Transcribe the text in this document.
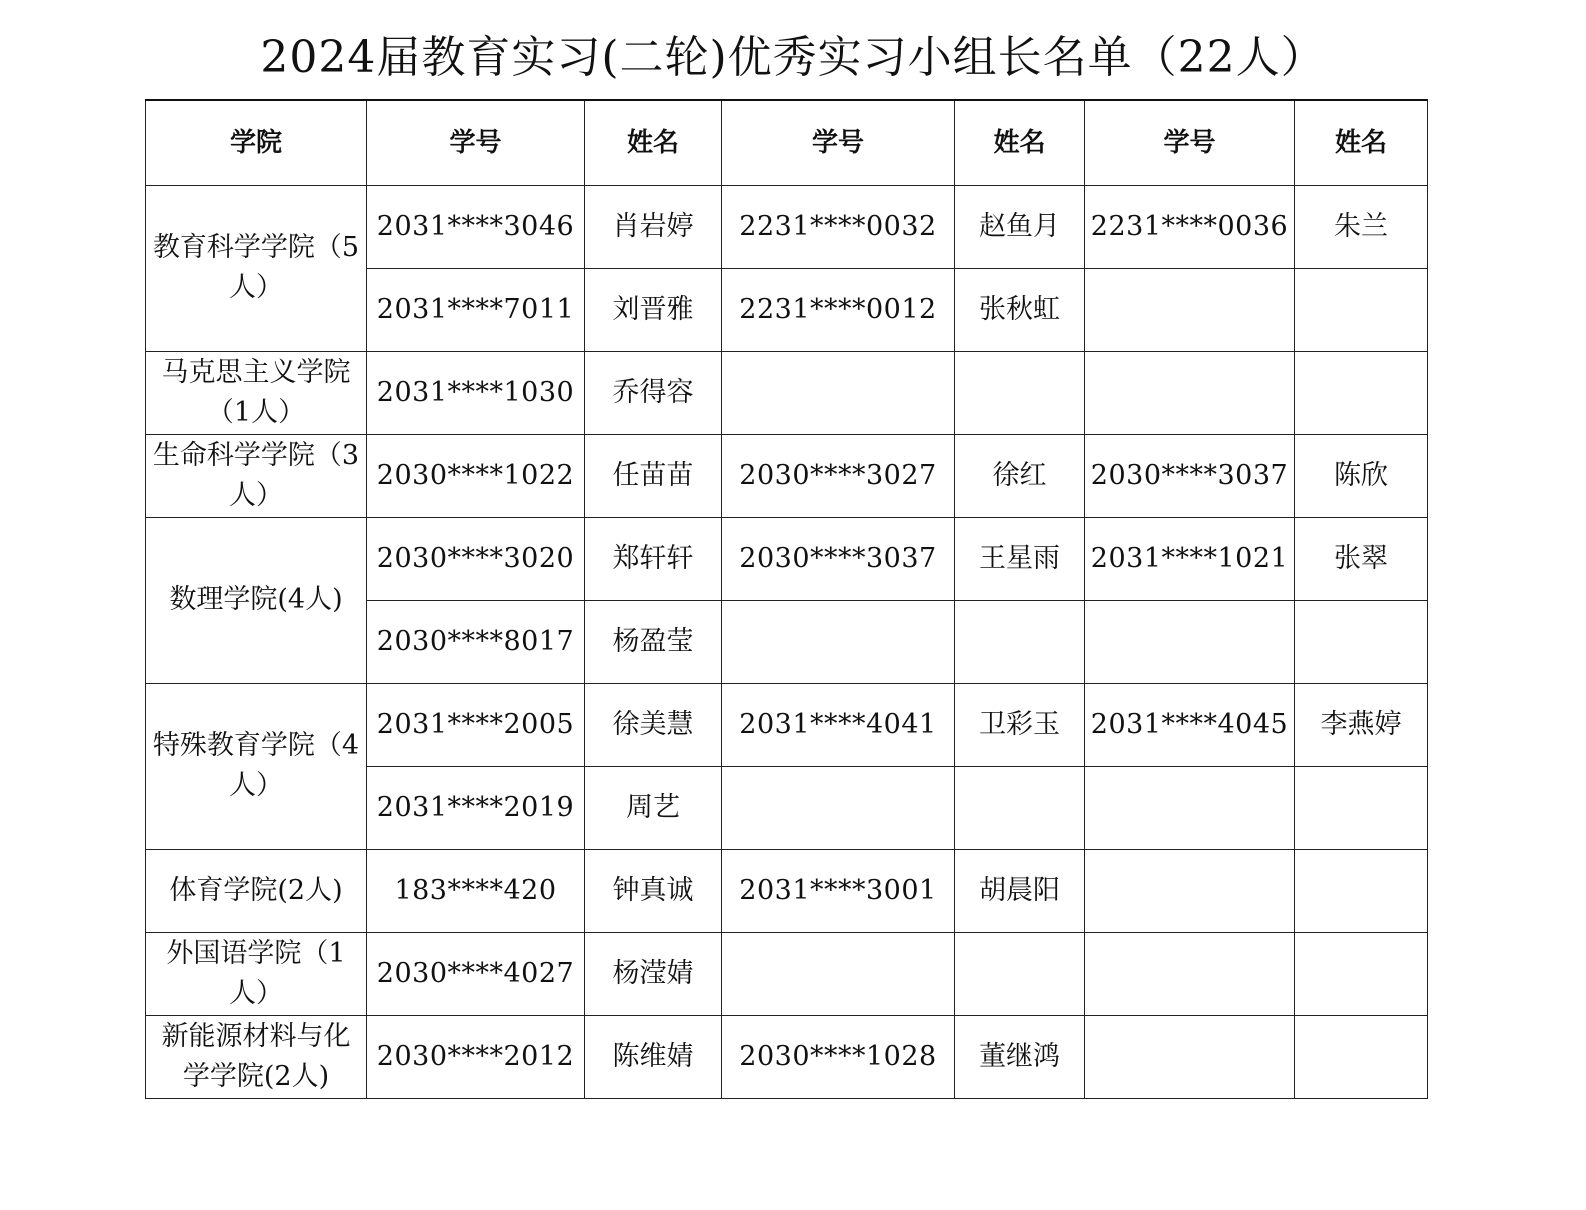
2024届教育实习(二轮)优秀实习小组长名单（22人）
学院	学号	姓名	学号	姓名	学号	姓名
教育科学学院（5人）	2031****3046	肖岩婷	2231****0032	赵鱼月	2231****0036	朱兰
	2031****7011	刘晋雅	2231****0012	张秋虹		
马克思主义学院（1人）	2031****1030	乔得容				
生命科学学院（3人）	2030****1022	任苗苗	2030****3027	徐红	2030****3037	陈欣
数理学院(4人)	2030****3020	郑轩轩	2030****3037	王星雨	2031****1021	张翠
	2030****8017	杨盈莹				
特殊教育学院（4人）	2031****2005	徐美慧	2031****4041	卫彩玉	2031****4045	李燕婷
	2031****2019	周艺				
体育学院(2人)	183****420	钟真诚	2031****3001	胡晨阳		
外国语学院（1人）	2030****4027	杨滢婧				
新能源材料与化学学院(2人)	2030****2012	陈维婧	2030****1028	董继鸿		
